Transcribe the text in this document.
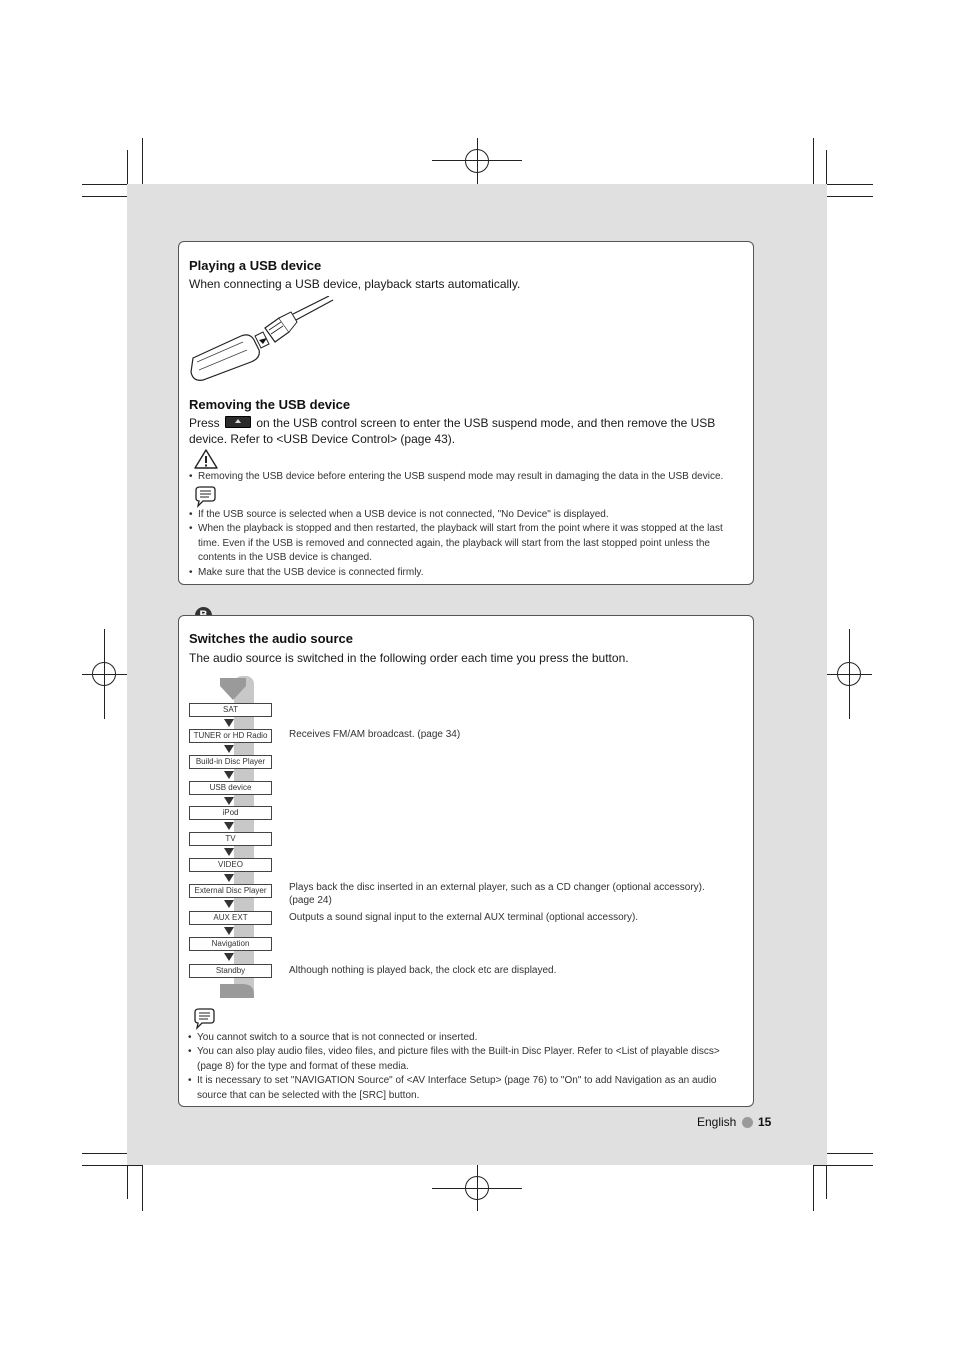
Playing a USB device
When connecting a USB device, playback starts automatically.
Removing the USB device
Press	on the USB control screen to enter the USB suspend mode, and then remove the USB
device. Refer to <USB Device Control> (page 43).
• Removing the USB device before entering the USB suspend mode may result in damaging the data in the USB device.
• If the USB source is selected when a USB device is not connected, "No Device" is displayed.
• When the playback is stopped and then restarted, the playback will start from the point where it was stopped at the last time. Even if the USB is removed and connected again, the playback will start from the last stopped point unless the contents in the USB device is changed.
• Make sure that the USB device is connected firmly.
Switches the audio source
The audio source is switched in the following order each time you press the button.
SAT
TUNER or HD Radio
Build-in Disc Player
USB device
iPod
TV
VIDEO
External Disc Player
AUX EXT
Navigation
Standby
Receives FM/AM broadcast. (page 34)
Plays back the disc inserted in an external player, such as a CD changer (optional accessory). (page 24)
Outputs a sound signal input to the external AUX terminal (optional accessory).
Although nothing is played back, the clock etc are displayed.
• You cannot switch to a source that is not connected or inserted.
• You can also play audio files, video files, and picture files with the Built-in Disc Player. Refer to <List of playable discs> (page 8) for the type and format of these media.
• It is necessary to set "NAVIGATION Source" of <AV Interface Setup> (page 76) to "On" to add Navigation as an audio source that can be selected with the [SRC] button.
English 15
